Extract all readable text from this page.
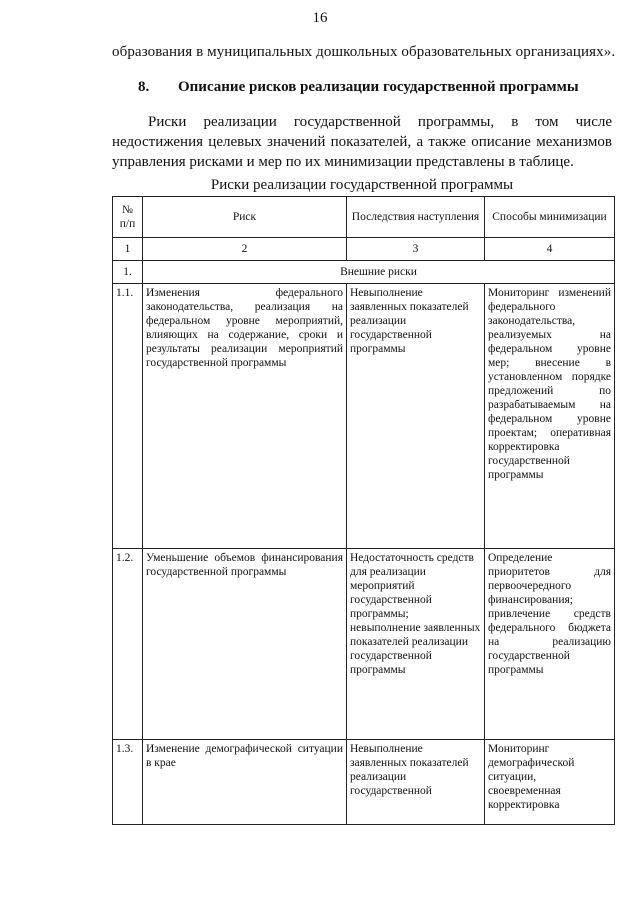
16
образования в муниципальных дошкольных образовательных организациях».
8. Описание рисков реализации государственной программы
Риски реализации государственной программы, в том числе
недостижения целевых значений показателей, а также описание механизмов
управления рисками и мер по их минимизации представлены в таблице.
Риски реализации государственной программы
№ п/п	Риск	Последствия наступления	Способы минимизации
1	2	3	4
1.	Внешние риски		
1.1.	Изменения федерального законодательства, реализация на федеральном уровне мероприятий, влияющих на содержание, сроки и результаты реализации мероприятий государственной программы	Невыполнение заявленных показателей реализации государственной программы	Мониторинг изменений федерального законодательства, реализуемых на федеральном уровне мер; внесение в установленном порядке предложений по разрабатываемым на федеральном уровне проектам; оперативная корректировка государственной программы
1.2.	Уменьшение объемов финансирования государственной программы	Недостаточность средств для реализации мероприятий государственной программы; невыполнение заявленных показателей реализации государственной программы	Определение приоритетов для первоочередного финансирования; привлечение средств федерального бюджета на реализацию государственной программы
1.3.	Изменение демографической ситуации в крае	Невыполнение заявленных показателей реализации государственной	Мониторинг демографической ситуации, своевременная корректировка
